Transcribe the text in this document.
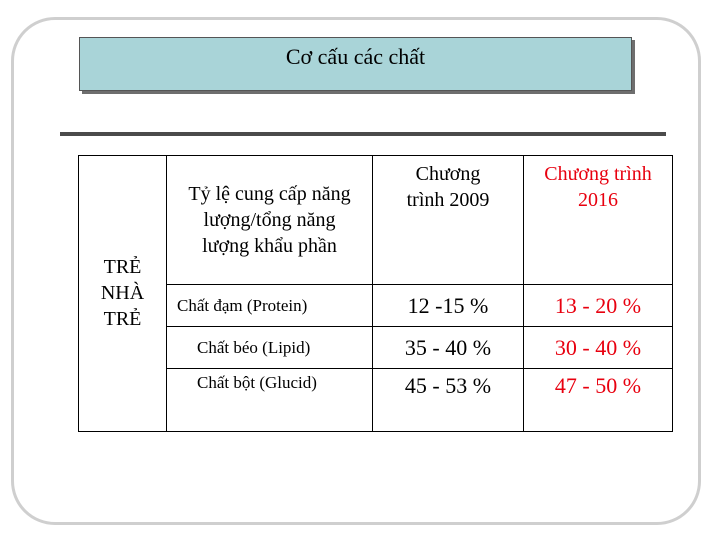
Cơ cấu các chất
TRẺ
NHÀ
TRẺ	Tỷ lệ cung cấp năng lượng/tổng năng lượng khẩu phần	Chương trình 2009	Chương trình 2016

	Chất đạm (Protein)	12 -15 %	13 - 20 %
	Chất béo (Lipid)	35 - 40 %	30 - 40 %
	Chất bột (Glucid)	45 - 53 %	47 - 50 %
